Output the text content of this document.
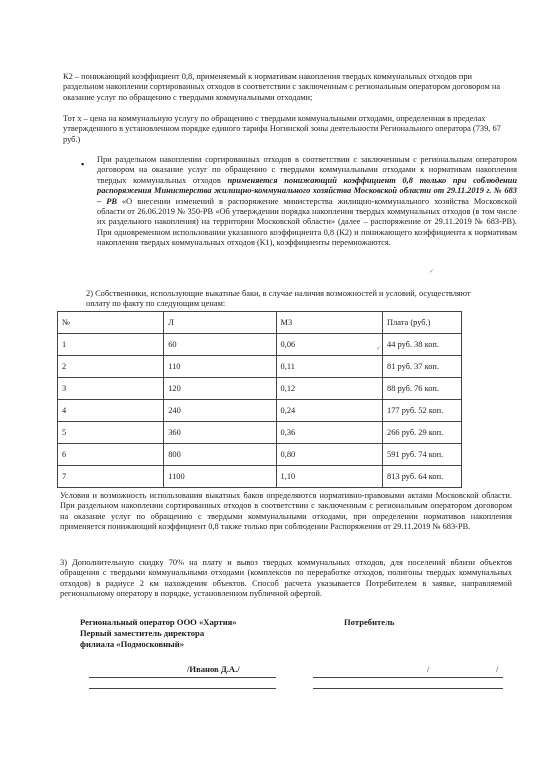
К2 – понижающий коэффициент 0,8, применяемый к нормативам накопления твердых коммунальных отходов при раздельном накоплении сортированных отходов в соответствии с заключенным с региональным оператором договором на оказание услуг по обращению с твердыми коммунальными отходами;

Тот х – цена на коммунальную услугу по обращению с твердыми коммунальными отходами, определенная в пределах утвержденного в установленном порядке единого тарифа Ногинской зоны деятельности Регионального оператора (739, 67 руб.)

▪ При раздельном накоплении сортированных отходов в соответствии с заключенным с региональным оператором договором на оказание услуг по обращению с твердыми коммунальными отходами к нормативам накопления твердых коммунальных отходов применяется понижающий коэффициент 0,8 только при соблюдении распоряжения Министерства жилищно-коммунального хозяйства Московской области от 29.11.2019 г. № 683 – РВ «О внесении изменений в распоряжение министерства жилищно-коммунального хозяйства Московской области от 26.06.2019 № 350-РВ «Об утверждении порядка накопления твердых коммунальных отходов (в том числе их раздельного накопления) на территории Московской области» (далее – распоряжение от 29.11.2019 № 683-РВ). При одновременном использовании указанного коэффициента 0,8 (К2) и понижающего коэффициента к нормативам накопления твердых коммунальных отходов (К1), коэффициенты перемножаются.

2) Собственники, использующие выкатные баки, в случае наличия возможностей и условий, осуществляют оплату по факту по следующим ценам:

№	Л	М3	Плата (руб.)
1	60	0,06	44 руб. 38 коп.
2	110	0,11	81 руб. 37 коп.
3	120	0,12	88 руб. 76 коп.
4	240	0,24	177 руб. 52 коп.
5	360	0,36	266 руб. 29 коп.
6	800	0,80	591 руб. 74 коп.
7	1100	1,10	813 руб. 64 коп.

Условия и возможность использования выкатных баков определяются нормативно-правовыми актами Московской области. При раздельном накоплении сортированных отходов в соответствии с заключенным с региональным оператором договором на оказание услуг по обращению с твердыми коммунальными отходами, при определении нормативов накопления применяется понижающий коэффициент 0,8 также только при соблюдении Распоряжения от 29.11.2019 № 683-РВ.

3) Дополнительную скидку 70% на плату и вывоз твердых коммунальных отходов, для поселений вблизи объектов обращения с твердыми коммунальными отходами (комплексов по переработке отходов, полигоны твердых коммунальных отходов) в радиусе 2 км нахождения объектов. Способ расчета указывается Потребителем в заявке, направляемой региональному оператору в порядке, установленном публичной офертой.

Региональный оператор ООО «Хартия»
Первый заместитель директора
филиала «Подмосковный»
Потребитель
/Иванов Д.А./	/	/
✓
✓
